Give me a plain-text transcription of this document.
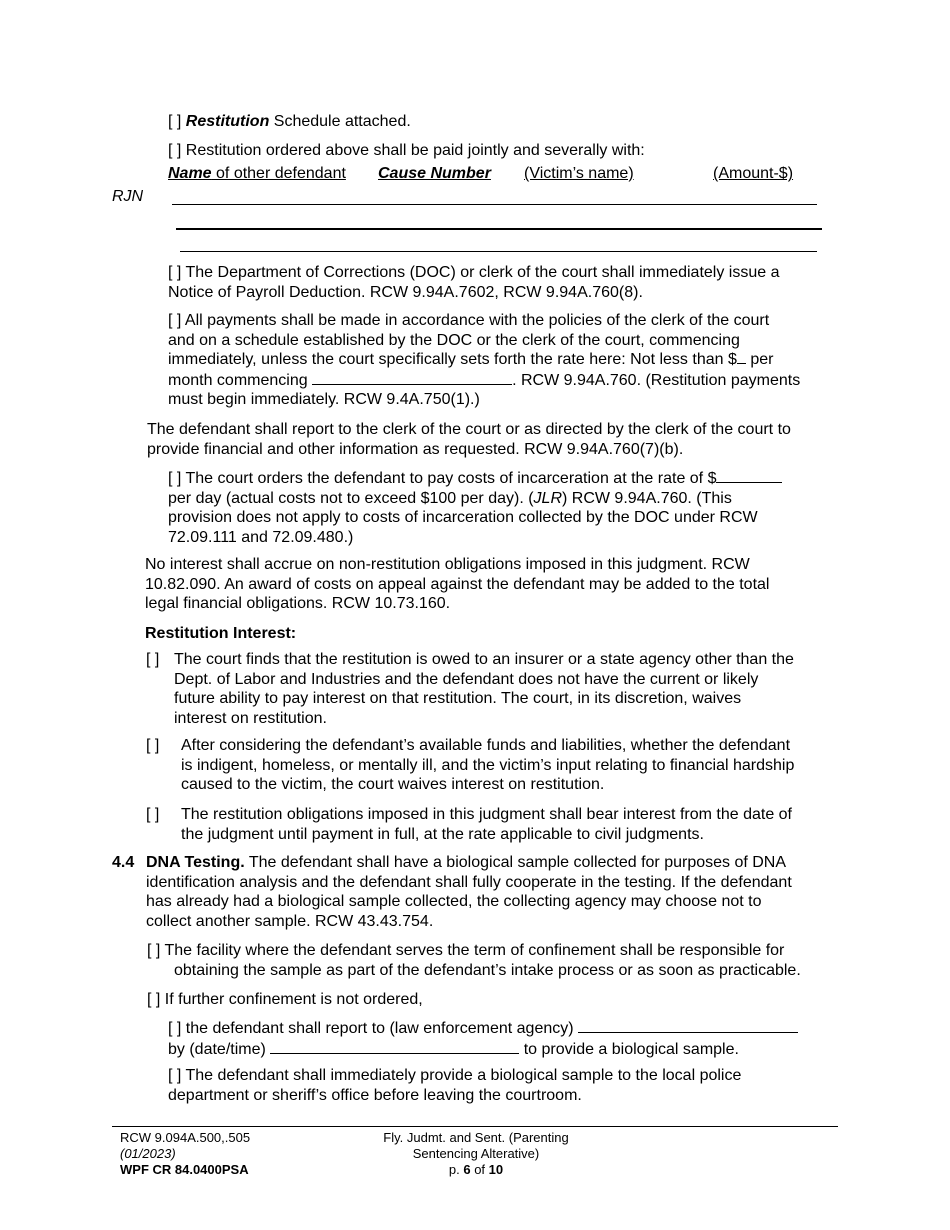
[ ] Restitution Schedule attached.
[ ] Restitution ordered above shall be paid jointly and severally with:
Name of other defendant Cause Number (Victim’s name)	(Amount-$)
RJN
[ ] The Department of Corrections (DOC) or clerk of the court shall immediately issue a
Notice of Payroll Deduction. RCW 9.94A.7602, RCW 9.94A.760(8).
[ ] All payments shall be made in accordance with the policies of the clerk of the court
and on a schedule established by the DOC or the clerk of the court, commencing
immediately, unless the court specifically sets forth the rate here: Not less than $ per
month commencing	. RCW 9.94A.760. (Restitution payments
must begin immediately. RCW 9.4A.750(1).)
The defendant shall report to the clerk of the court or as directed by the clerk of the court to
provide financial and other information as requested. RCW 9.94A.760(7)(b).
[ ] The court orders the defendant to pay costs of incarceration at the rate of $
per day (actual costs not to exceed $100 per day). (JLR) RCW 9.94A.760. (This
provision does not apply to costs of incarceration collected by the DOC under RCW
72.09.111 and 72.09.480.)
No interest shall accrue on non-restitution obligations imposed in this judgment. RCW
10.82.090. An award of costs on appeal against the defendant may be added to the total
legal financial obligations. RCW 10.73.160.
Restitution Interest:
[ ] The court finds that the restitution is owed to an insurer or a state agency other than the
Dept. of Labor and Industries and the defendant does not have the current or likely
future ability to pay interest on that restitution. The court, in its discretion, waives
interest on restitution.
[ ] After considering the defendant’s available funds and liabilities, whether the defendant
is indigent, homeless, or mentally ill, and the victim’s input relating to financial hardship
caused to the victim, the court waives interest on restitution.
[ ] The restitution obligations imposed in this judgment shall bear interest from the date of
the judgment until payment in full, at the rate applicable to civil judgments.
4.4 DNA Testing. The defendant shall have a biological sample collected for purposes of DNA
identification analysis and the defendant shall fully cooperate in the testing. If the defendant
has already had a biological sample collected, the collecting agency may choose not to
collect another sample. RCW 43.43.754.
[ ] The facility where the defendant serves the term of confinement shall be responsible for
obtaining the sample as part of the defendant’s intake process or as soon as practicable.
[ ] If further confinement is not ordered,
[ ] the defendant shall report to (law enforcement agency)
by (date/time)	to provide a biological sample.
[ ] The defendant shall immediately provide a biological sample to the local police
department or sheriff’s office before leaving the courtroom.
RCW 9.094A.500,.505
(01/2023)
WPF CR 84.0400PSA
Fly. Judmt. and Sent. (Parenting
Sentencing Alterative)
p. 6 of 10
